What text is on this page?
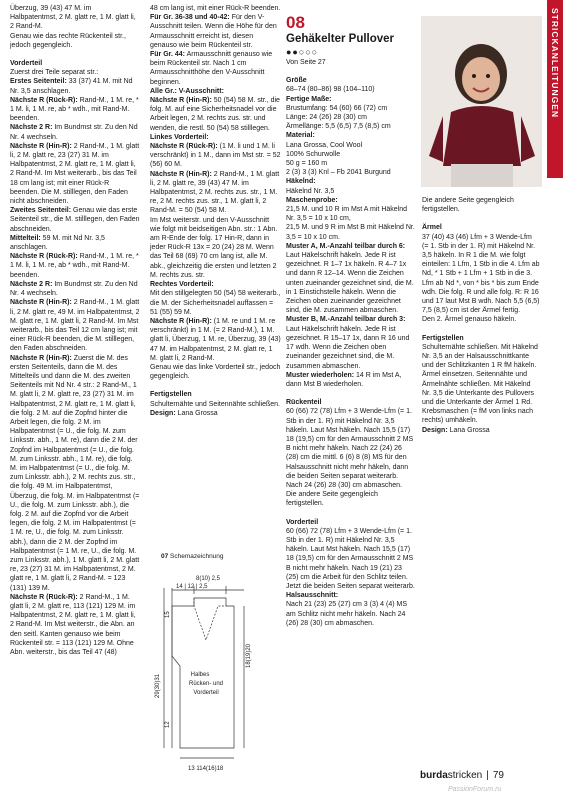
Überzug, 39 (43) 47 M. im Halbpatentmst, 2 M. glatt re, 1 M. glatt li, 2 Rand-M.

Genau wie das rechte Rückenteil str., jedoch gegengleich.

Vorderteil
Zuerst drei Teile separat str.:

Erstes Seitenteil: 33 (37) 41 M. mit Nd Nr. 3,5 anschlagen.

Nächste R (Rück-R): Rand-M., 1 M. re, * 1 M. li, 1 M. re, ab * wdh., mit Rand-M. beenden.

Nächste 2 R: Im Bundmst str. Zu den Nd Nr. 4 wechseln.

Nächste R (Hin-R): 2 Rand-M., 1 M. glatt li, 2 M. glatt re, 23 (27) 31 M. im Halbpatentmst, 2 M. glatt re, 1 M. glatt li, 2 Rand-M. Im Mst weiterarb., bis das Teil 18 cm lang ist; mit einer Rück-R beenden. Die M. stilllegen, den Faden nicht abschneiden.

Zweites Seitenteil: Genau wie das erste Seitenteil str., die M. stilllegen, den Faden abschneiden.

Mittelteil: 59 M. mit Nd Nr. 3,5 anschlagen.

Nächste R (Rück-R): Rand-M., 1 M. re, * 1 M. li, 1 M. re, ab * wdh., mit Rand-M. beenden.

Nächste 2 R: Im Bundmst str. Zu den Nd Nr. 4 wechseln.

Nächste R (Hin-R): 2 Rand-M., 1 M. glatt li, 2 M. glatt re, 49 M. im Halbpatentmst, 2 M. glatt re, 1 M. glatt li, 2 Rand-M. Im Mst weiterarb., bis das Teil 12 cm lang ist; mit einer Rück-R beenden, die M. stilllegen, den Faden abschneiden.

Nächste R (Hin-R): Zuerst die M. des ersten Seitenteils, dann die M. des Mittelteils und dann die M. des zweiten Seitenteils mit Nd Nr. 4 str.: 2 Rand-M., 1 M. glatt li, 2 M. glatt re, 23 (27) 31 M. im Halbpatentmst, 2 M. glatt re, 1 M. glatt li, die folg. 2 M. auf die Zopfnd hinter die Arbeit legen, die folg. 2 M. im Halbpatentmst (= U., die folg. M. zum Linksstr. abh., 1 M. re), dann die 2 M. der Zopfnd im Halbpatentmst (= U., die folg. M. zum Linksstr. abh., 1 M. re), die folg. M. im Halbpatentmst (= U., die folg. M. zum Linksstr. abh.), 2 M. rechts zus. str., die folg. 49 M. im Halbpatentmst, Überzug, die folg. M. im Halbpatentmst (= U., die folg. M. zum Linksstr. abh.), die folg. 2 M. auf die Zopfnd vor die Arbeit legen, die folg. 2 M. im Halbpatentmst (= 1 M. re, U., die folg. M. zum Linksstr. abh.), dann die 2 M. der Zopfnd im Halbpatentmst (= 1 M. re, U., die folg. M. zum Linksstr. abh.), 1 M. glatt li, 2 M. glatt re, 23 (27) 31 M. im Halbpatentmst, 2 M. glatt re, 1 M. glatt li, 2 Rand-M. = 123 (131) 139 M.

Nächste R (Rück-R): 2 Rand-M., 1 M. glatt li, 2 M. glatt re, 113 (121) 129 M. im Halbpatentmst, 2 M. glatt re, 1 M. glatt li, 2 Rand-M. Im Mst weiterstr., die Abn. an den seitl. Kanten genauso wie beim Rückenteil str. = 113 (121) 129 M. Ohne Abn. weiterstr., bis das Teil 47 (48)

48 cm lang ist, mit einer Rück-R beenden.

Für Gr. 36-38 und 40-42: Für den V-Ausschnitt teilen. Wenn die Höhe für den Armausschnitt erreicht ist, diesen genauso wie beim Rückenteil str.

Für Gr. 44: Armausschnitt genauso wie beim Rückenteil str. Nach 1 cm Armausschnitthöhe den V-Ausschnitt beginnen.

Alle Gr.: V-Ausschnitt:

Nächste R (Hin-R): 50 (54) 58 M. str., die folg. M. auf eine Sicherheitsnadel vor die Arbeit legen, 2 M. rechts zus. str. und wenden, die restl. 50 (54) 58 stilllegen.

Linkes Vorderteil:

Nächste R (Rück-R): (1 M. li und 1 M. li verschränkt) in 1 M., dann im Mst str. = 52 (56) 60 M.

Nächste R (Hin-R): 2 Rand-M., 1 M. glatt li, 2 M. glatt re, 39 (43) 47 M. im Halbpatentmst, 2 M. rechts zus. str., 1 M. re, 2 M. rechts zus. str., 1 M. glatt li, 2 Rand-M. = 50 (54) 58 M.

Im Mst weiterstr. und den V-Ausschnitt wie folgt mit beidseitigen Abn. str.: 1 Abn. am R-Ende der folg. 17 Hin-R, dann in jeder Rück-R 13x = 20 (24) 28 M. Wenn das Teil 68 (69) 70 cm lang ist, alle M. abk., gleichzeitig die ersten und letzten 2 M. rechts zus. str.

Rechtes Vorderteil:

Mit den stillgelegten 50 (54) 58 weiterarb., die M. der Sicherheitsnadel auffassen = 51 (55) 59 M.

Nächste R (Hin-R): (1 M. re und 1 M. re verschränkt) in 1 M. (= 2 Rand-M.), 1 M. glatt li, Überzug, 1 M. re, Überzug, 39 (43) 47 M. im Halbpatentmst, 2 M. glatt re, 1 M. glatt li, 2 Rand-M.

Genau wie das linke Vorderteil str., jedoch gegengleich.

Fertigstellen
Schulternähte und Seitennähte schließen.

Design: Lana Grossa

08
Gehäkelter Pullover
●●○○○

Von Seite 27

Größe
68–74 (80–86) 98 (104–110)

Fertige Maße:

Brustumfang: 54 (60) 66 (72) cm

Länge: 24 (26) 28 (30) cm

Ärmellänge: 5,5 (6,5) 7,5 (8,5) cm

Material:

Lana Grossa, Cool Wool

100% Schurwolle

50 g = 160 m

2 (3) 3 (3) Knl – Fb 2041 Burgund

Häkelnd:

Häkelnd Nr. 3,5

Maschenprobe:

21,5 M. und 10 R im Mst A mit Häkelnd Nr. 3,5 = 10 x 10 cm,

21,5 M. und 9 R im Mst B mit Häkelnd Nr. 3,5 = 10 x 10 cm.

Muster A, M.-Anzahl teilbar durch 6: Laut Häkelschrift häkeln. Jede R ist gezeichnet. R 1–7 1x häkeln. R 4–7 1x und dann R 12–14. Wenn die Zeichen unten zueinander gezeichnet sind, die M. in 1 Einstichstelle häkeln. Wenn die Zeichen oben zueinander gezeichnet sind, die M. zusammen abmaschen.

Muster B, M.-Anzahl teilbar durch 3: Laut Häkelschrift häkeln. Jede R ist gezeichnet. R 15–17 1x, dann R 16 und 17 wdh. Wenn die Zeichen oben zueinander gezeichnet sind, die M. zusammen abmaschen.

Muster wiederholen: 14 R im Mst A, dann Mst B wiederholen.

Rückenteil
60 (66) 72 (78) Lfm + 3 Wende-Lfm (= 1. Stb in der 1. R) mit Häkelnd Nr. 3,5 häkeln. Laut Mst häkeln. Nach 15,5 (17) 18 (19,5) cm für den Armausschnitt 2 MS B nicht mehr häkeln. Nach 22 (24) 26 (28) cm die mittl. 6 (6) 8 (8) MS für den Halsausschnitt nicht mehr häkeln, dann die beiden Seiten separat weiterarb. Nach 24 (26) 28 (30) cm abmaschen.

Die andere Seite gegengleich fertigstellen.

Vorderteil
60 (66) 72 (78) Lfm + 3 Wende-Lfm (= 1. Stb in der 1. R) mit Häkelnd Nr. 3,5 häkeln. Laut Mst häkeln. Nach 15,5 (17) 18 (19,5) cm für den Armausschnitt 2 MS B nicht mehr häkeln. Nach 19 (21) 23 (25) cm die Arbeit für den Schlitz teilen. Jetzt die beiden Seiten separat weiterarb.

Halsausschnitt:

Nach 21 (23) 25 (27) cm 3 (3) 4 (4) MS am Schlitz nicht mehr häkeln. Nach 24 (26) 28 (30) cm abmaschen.

Die andere Seite gegengleich fertigstellen.

Ärmel
37 (40) 43 (46) Lfm + 3 Wende-Lfm (= 1. Stb in der 1. R) mit Häkelnd Nr. 3,5 häkeln. In R 1 die M. wie folgt einteilen: 1 Lfm, 1 Stb in die 4. Lfm ab Nd, * 1 Stb + 1 Lfm + 1 Stb in die 3. Lfm ab Nd *, von * bis * bis zum Ende wdh. Die folg. R und alle folg. R: R 16 und 17 laut Mst B wdh. Nach 5,5 (6,5) 7,5 (8,5) cm ist der Ärmel fertig.

Den 2. Ärmel genauso häkeln.

Fertigstellen
Schulternähte schließen. Mit Häkelnd Nr. 3,5 an der Halsausschnittkante und der Schlitzkanten 1 R fM häkeln.

Ärmel einsetzen. Seitennähte und Ärmelnähte schließen. Mit Häkelnd Nr. 3,5 die Unterkante des Pullovers und die Unterkante der Ärmel 1 Rd. Krebsmaschen (= fM von links nach rechts) umhäkeln.

Design: Lana Grossa

STRICKANLEITUNGEN
07 Schemazeichnung
8(10) 2,5
14 | 12 | 2,5
Halbes
Rücken- und
Vorderteil
13 114(16)18
29(30)31
15
12
18(19)20
burdastricken | 79
PassionForum.ru
